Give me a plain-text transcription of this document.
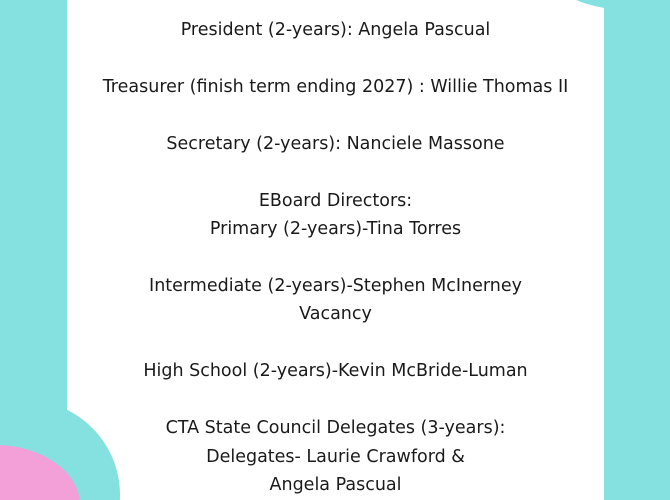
President (2-years): Angela Pascual
Treasurer (finish term ending 2027) : Willie Thomas II
Secretary (2-years): Nanciele Massone
EBoard Directors:
Primary (2-years)-Tina Torres
Intermediate (2-years)-Stephen McInerney
Vacancy
High School (2-years)-Kevin McBride-Luman
CTA State Council Delegates (3-years):
Delegates- Laurie Crawford &
Angela Pascual
